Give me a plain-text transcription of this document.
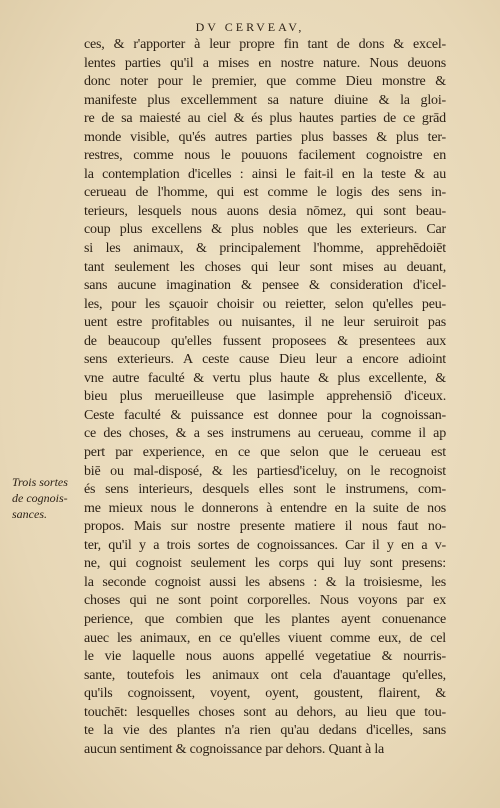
DV CERVEAV,
ces, & r'apporter à leur propre fin tant de dons & excel-
lentes parties qu'il a mises en nostre nature. Nous deuons
donc noter pour le premier, que comme Dieu monstre &
manifeste plus excellemment sa nature diuine & la gloi-
re de sa maiesté au ciel & és plus hautes parties de ce grād
monde visible, qu'és autres parties plus basses & plus ter-
restres, comme nous le pouuons facilement cognoistre en
la contemplation d'icelles : ainsi le fait-il en la teste & au
cerueau de l'homme, qui est comme le logis des sens in-
terieurs, lesquels nous auons desia nōmez, qui sont beau-
coup plus excellens & plus nobles que les exterieurs. Car
si les animaux, & principalement l'homme, apprehēdoiēt
tant seulement les choses qui leur sont mises au deuant,
sans aucune imagination & pensee & consideration d'icel-
les, pour les sçauoir choisir ou reietter, selon qu'elles peu-
uent estre profitables ou nuisantes, il ne leur seruiroit pas
de beaucoup qu'elles fussent proposees & presentees aux
sens exterieurs. A ceste cause Dieu leur a encore adioint
vne autre faculté & vertu plus haute & plus excellente, &
bieu plus merueilleuse que lasimple apprehensiō d'iceux.
Ceste faculté & puissance est donnee pour la cognoissan-
ce des choses, & a ses instrumens au cerueau, comme il ap
pert par experience, en ce que selon que le cerueau est
biē ou mal-disposé, & les partiesd'iceluy, on le recognoist
és sens interieurs, desquels elles sont le instrumens, com-
me mieux nous le donnerons à entendre en la suite de nos
propos. Mais sur nostre presente matiere il nous faut no-
ter, qu'il y a trois sortes de cognoissances. Car il y en a v-
ne, qui cognoist seulement les corps qui luy sont presens:
la seconde cognoist aussi les absens : & la troisiesme, les
choses qui ne sont point corporelles. Nous voyons par ex
perience, que combien que les plantes ayent conuenance
auec les animaux, en ce qu'elles viuent comme eux, de cel
le vie laquelle nous auons appellé vegetatiue & nourris-
sante, toutefois les animaux ont cela d'auantage qu'elles,
qu'ils cognoissent, voyent, oyent, goustent, flairent, &
touchēt: lesquelles choses sont au dehors, au lieu que tou-
te la vie des plantes n'a rien qu'au dedans d'icelles, sans
aucun sentiment & cognoissance par dehors. Quant à la
Trois sortes
de cognois-
sances.
